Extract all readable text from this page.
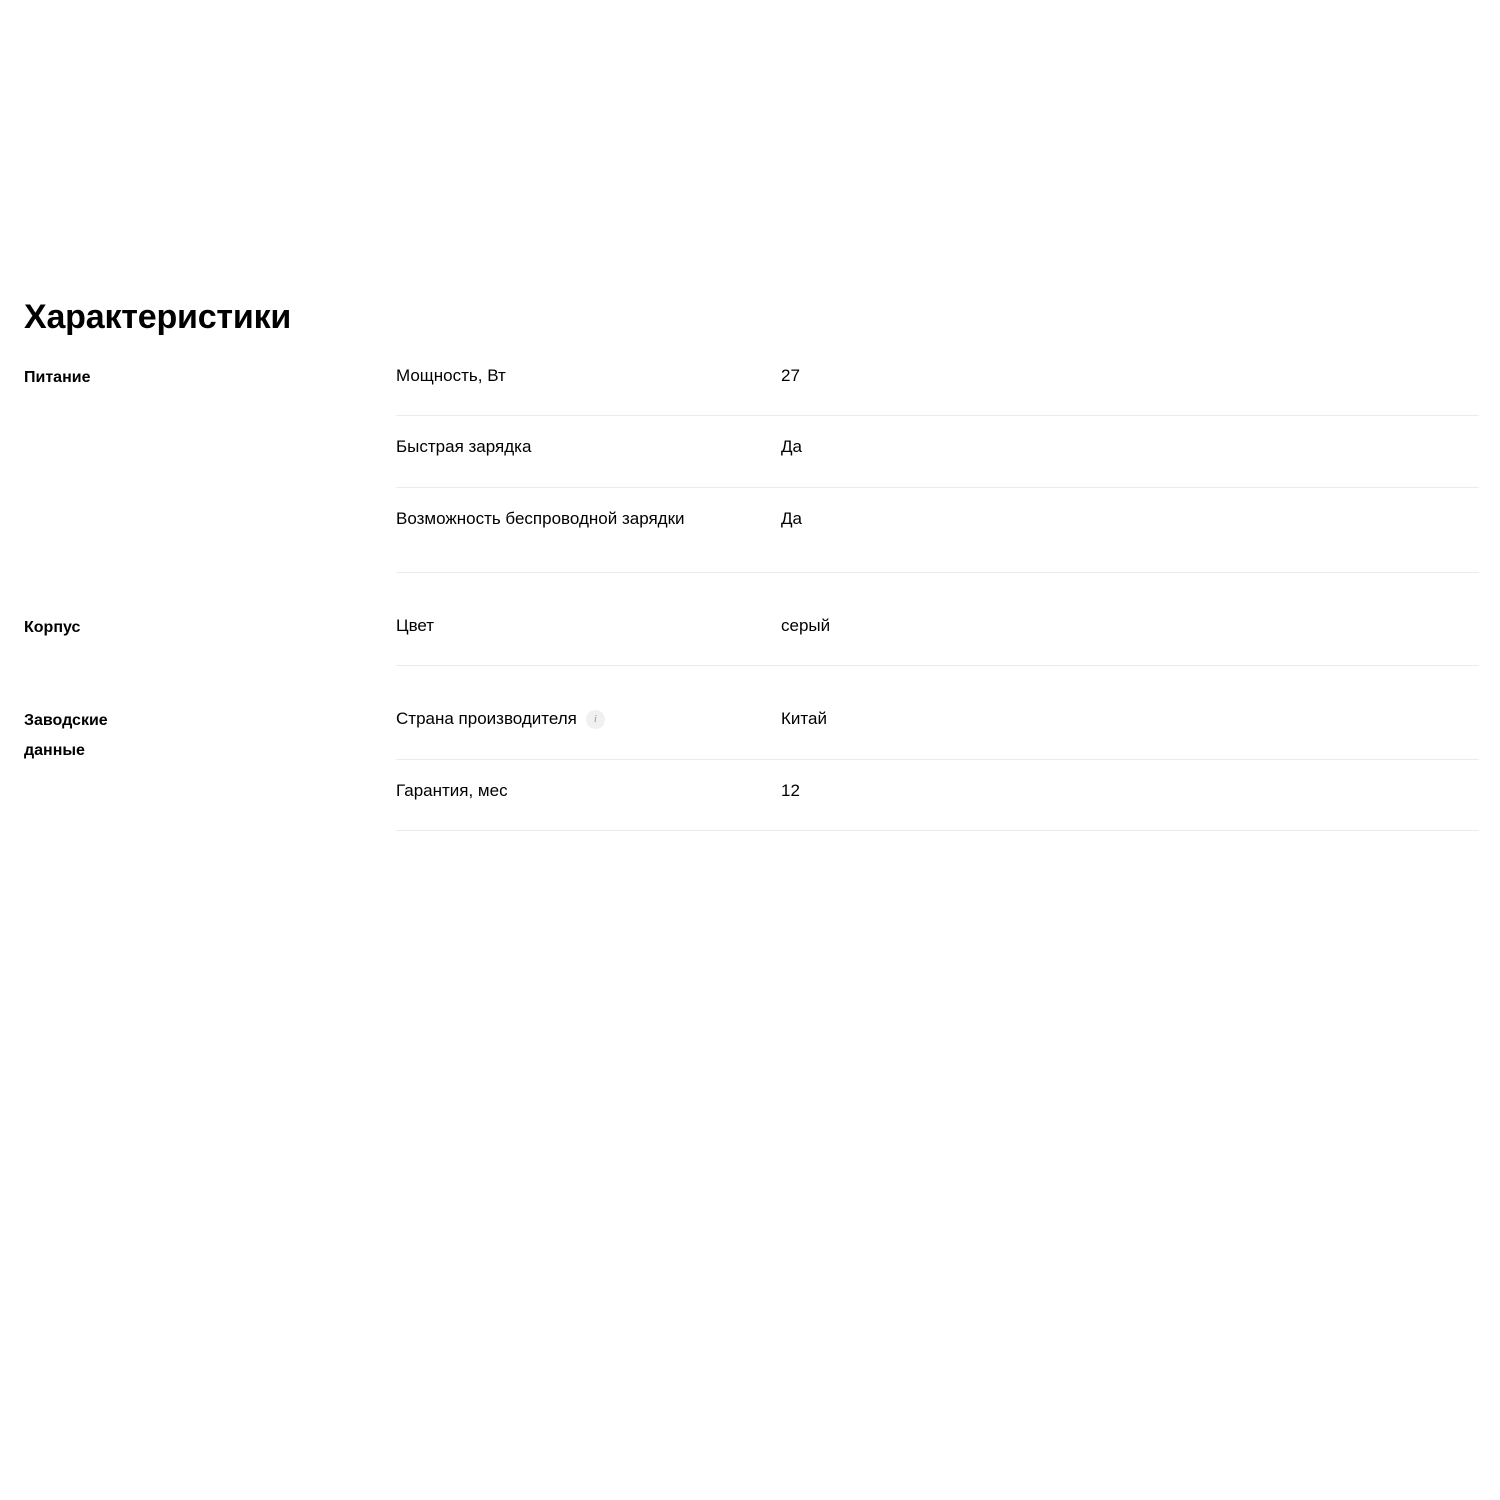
Характеристики
Питание	Мощность, Вт	27
Быстрая зарядка	Да
Возможность беспроводной зарядки	Да
Корпус	Цвет	серый
Заводские
данные
Страна производителя	i	Китай
Гарантия, мес	12
